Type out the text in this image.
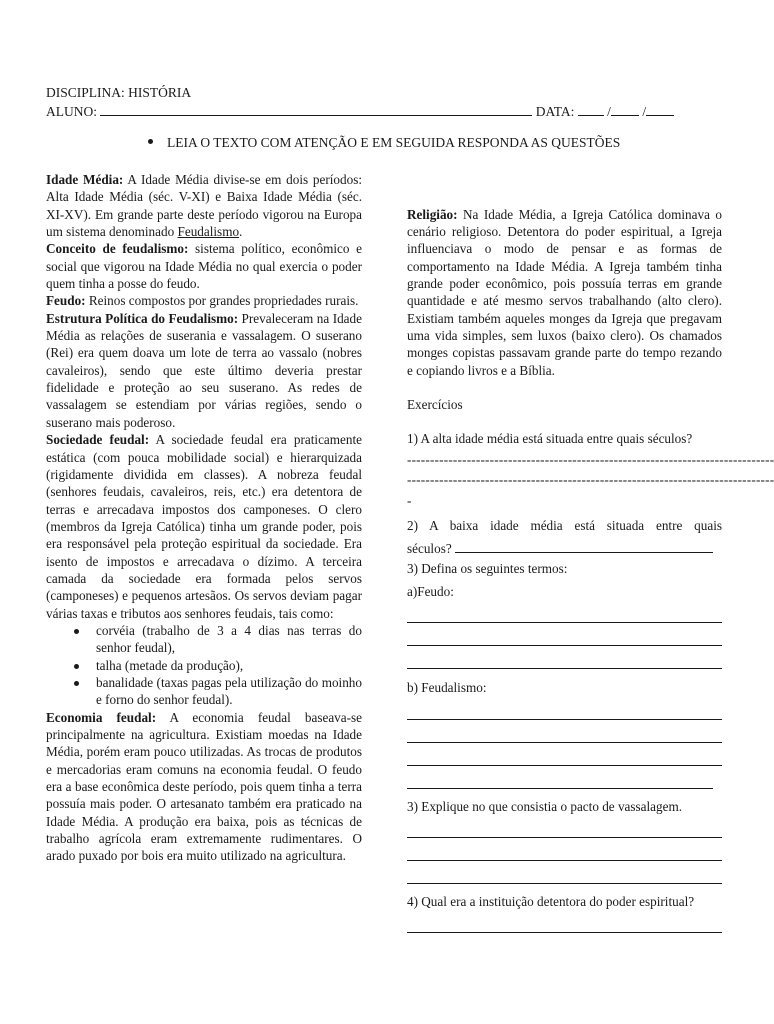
DISCIPLINA: HISTÓRIA
ALUNO:	DATA: / /
LEIA O TEXTO COM ATENÇÃO E EM SEGUIDA RESPONDA AS QUESTÕES

Idade Média: A Idade Média divise-se em dois períodos: Alta Idade Média (séc. V-XI) e Baixa Idade Média (séc. XI-XV). Em grande parte deste período vigorou na Europa um sistema denominado Feudalismo.

Conceito de feudalismo: sistema político, econômico e social que vigorou na Idade Média no qual exercia o poder quem tinha a posse do feudo.

Feudo: Reinos compostos por grandes propriedades rurais.

Estrutura Política do Feudalismo: Prevaleceram na Idade Média as relações de suserania e vassalagem. O suserano (Rei) era quem doava um lote de terra ao vassalo (nobres cavaleiros), sendo que este último deveria prestar fidelidade e proteção ao seu suserano. As redes de vassalagem se estendiam por várias regiões, sendo o suserano mais poderoso.

Sociedade feudal: A sociedade feudal era praticamente estática (com pouca mobilidade social) e hierarquizada (rigidamente dividida em classes). A nobreza feudal (senhores feudais, cavaleiros, reis, etc.) era detentora de terras e arrecadava impostos dos camponeses. O clero (membros da Igreja Católica) tinha um grande poder, pois era responsável pela proteção espiritual da sociedade. Era isento de impostos e arrecadava o dízimo. A terceira camada da sociedade era formada pelos servos (camponeses) e pequenos artesãos. Os servos deviam pagar várias taxas e tributos aos senhores feudais, tais como:

corvéia (trabalho de 3 a 4 dias nas terras do senhor feudal),
talha (metade da produção),
banalidade (taxas pagas pela utilização do moinho e forno do senhor feudal).

Economia feudal: A economia feudal baseava-se principalmente na agricultura. Existiam moedas na Idade Média, porém eram pouco utilizadas. As trocas de produtos e mercadorias eram comuns na economia feudal. O feudo era a base econômica deste período, pois quem tinha a terra possuía mais poder. O artesanato também era praticado na Idade Média. A produção era baixa, pois as técnicas de trabalho agrícola eram extremamente rudimentares. O arado puxado por bois era muito utilizado na agricultura.

Religião: Na Idade Média, a Igreja Católica dominava o cenário religioso. Detentora do poder espiritual, a Igreja influenciava o modo de pensar e as formas de comportamento na Idade Média. A Igreja também tinha grande poder econômico, pois possuía terras em grande quantidade e até mesmo servos trabalhando (alto clero). Existiam também aqueles monges da Igreja que pregavam uma vida simples, sem luxos (baixo clero). Os chamados monges copistas passavam grande parte do tempo rezando e copiando livros e a Bíblia.

Exercícios
1) A alta idade média está situada entre quais séculos?
--------------------------------------------------------------------------------
--------------------------------------------------------------------------------
-
2) A baixa idade média está situada entre quais
séculos?
3) Defina os seguintes termos:
a)Feudo:
b) Feudalismo:
3) Explique no que consistia o pacto de vassalagem.
4) Qual era a instituição detentora do poder espiritual?
